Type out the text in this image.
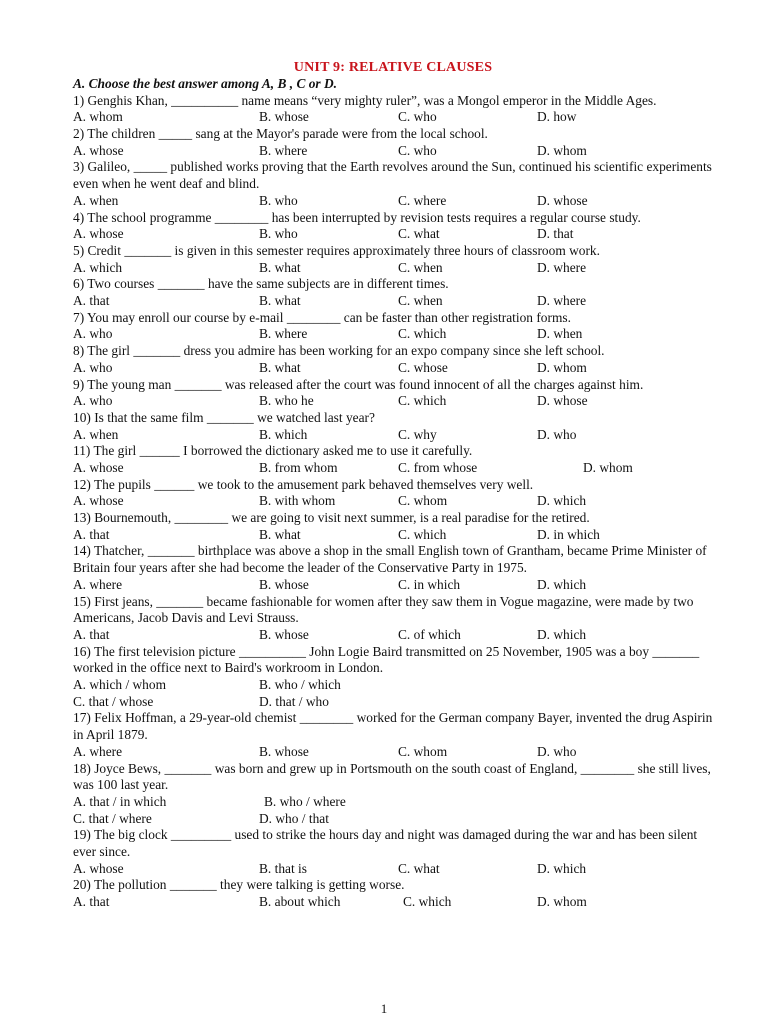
UNIT 9: RELATIVE CLAUSES
A. Choose the best answer among A, B , C or D.
1) Genghis Khan, __________ name means “very mighty ruler”, was a Mongol emperor in the Middle Ages.
A. whom	B. whose	C. who	D. how
2) The children _____ sang at the Mayor's parade were from the local school.
A. whose	B. where	C. who	D. whom
3) Galileo, _____ published works proving that the Earth revolves around the Sun, continued his scientific experiments even when he went deaf and blind.
A. when	B. who	C. where	D. whose
4) The school programme ________ has been interrupted by revision tests requires a regular course study.
A. whose	B. who	C. what	D. that
5) Credit _______ is given in this semester requires approximately three hours of classroom work.
A. which	B. what	C. when	D. where
6) Two courses _______ have the same subjects are in different times.
A. that	B. what	C. when	D. where
7) You may enroll our course by e-mail ________ can be faster than other registration forms.
A. who	B. where	C. which	D. when
8) The girl _______ dress you admire has been working for an expo company since she left school.
A. who	B. what	C. whose	D. whom
9) The young man _______ was released after the court was found innocent of all the charges against him.
A. who	B. who he	C. which	D. whose
10) Is that the same film _______ we watched last year?
A. when	B. which	C. why	D. who
11) The girl ______ I borrowed the dictionary asked me to use it carefully.
A. whose	B. from whom	C. from whose	D. whom
12) The pupils ______ we took to the amusement park behaved themselves very well.
A. whose	B. with whom	C. whom	D. which
13) Bournemouth, ________ we are going to visit next summer, is a real paradise for the retired.
A. that	B. what	C. which	D. in which
14) Thatcher, _______ birthplace was above a shop in the small English town of Grantham, became Prime Minister of Britain four years after she had become the leader of the Conservative Party in 1975.
A. where	B. whose	C. in which	D. which
15) First jeans, _______ became fashionable for women after they saw them in Vogue magazine, were made by two Americans, Jacob Davis and Levi Strauss.
A. that	B. whose	C. of which	D. which
16) The first television picture __________ John Logie Baird transmitted on 25 November, 1905 was a boy _______ worked in the office next to Baird's workroom in London.
A. which / whom	B. who / which
C. that / whose	D. that / who
17) Felix Hoffman, a 29-year-old chemist ________ worked for the German company Bayer, invented the drug Aspirin in April 1879.
A. where	B. whose	C. whom	D. who
18) Joyce Bews, _______ was born and grew up in Portsmouth on the south coast of England, ________ she still lives, was 100 last year.
A. that / in which	B. who / where
C. that / where	D. who / that
19) The big clock _________ used to strike the hours day and night was damaged during the war and has been silent ever since.
A. whose	B. that is	C. what	D. which
20) The pollution _______ they were talking is getting worse.
A. that	B. about which	C. which	D. whom
1
